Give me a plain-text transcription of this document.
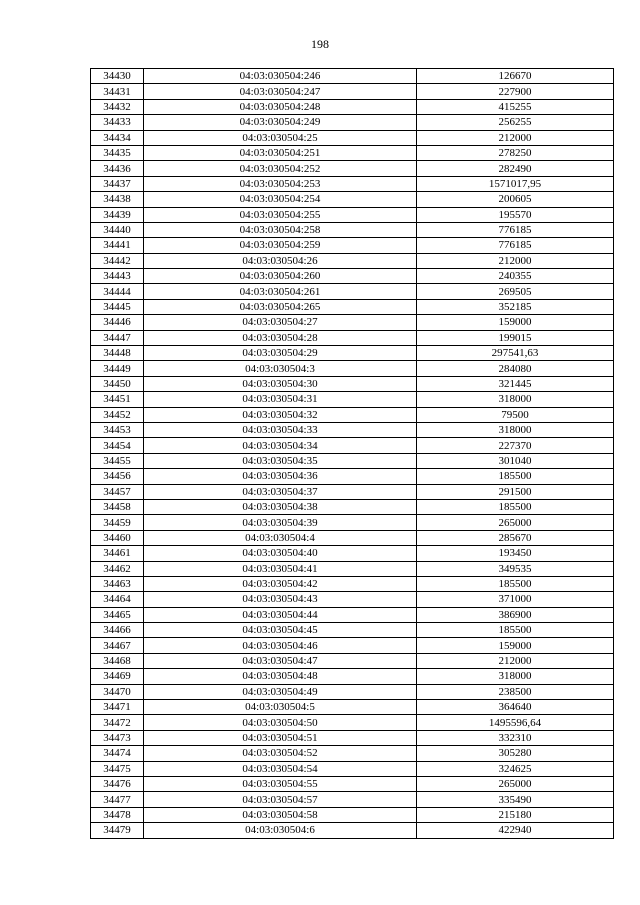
198
34430	04:03:030504:246	126670
34431	04:03:030504:247	227900
34432	04:03:030504:248	415255
34433	04:03:030504:249	256255
34434	04:03:030504:25	212000
34435	04:03:030504:251	278250
34436	04:03:030504:252	282490
34437	04:03:030504:253	1571017,95
34438	04:03:030504:254	200605
34439	04:03:030504:255	195570
34440	04:03:030504:258	776185
34441	04:03:030504:259	776185
34442	04:03:030504:26	212000
34443	04:03:030504:260	240355
34444	04:03:030504:261	269505
34445	04:03:030504:265	352185
34446	04:03:030504:27	159000
34447	04:03:030504:28	199015
34448	04:03:030504:29	297541,63
34449	04:03:030504:3	284080
34450	04:03:030504:30	321445
34451	04:03:030504:31	318000
34452	04:03:030504:32	79500
34453	04:03:030504:33	318000
34454	04:03:030504:34	227370
34455	04:03:030504:35	301040
34456	04:03:030504:36	185500
34457	04:03:030504:37	291500
34458	04:03:030504:38	185500
34459	04:03:030504:39	265000
34460	04:03:030504:4	285670
34461	04:03:030504:40	193450
34462	04:03:030504:41	349535
34463	04:03:030504:42	185500
34464	04:03:030504:43	371000
34465	04:03:030504:44	386900
34466	04:03:030504:45	185500
34467	04:03:030504:46	159000
34468	04:03:030504:47	212000
34469	04:03:030504:48	318000
34470	04:03:030504:49	238500
34471	04:03:030504:5	364640
34472	04:03:030504:50	1495596,64
34473	04:03:030504:51	332310
34474	04:03:030504:52	305280
34475	04:03:030504:54	324625
34476	04:03:030504:55	265000
34477	04:03:030504:57	335490
34478	04:03:030504:58	215180
34479	04:03:030504:6	422940
